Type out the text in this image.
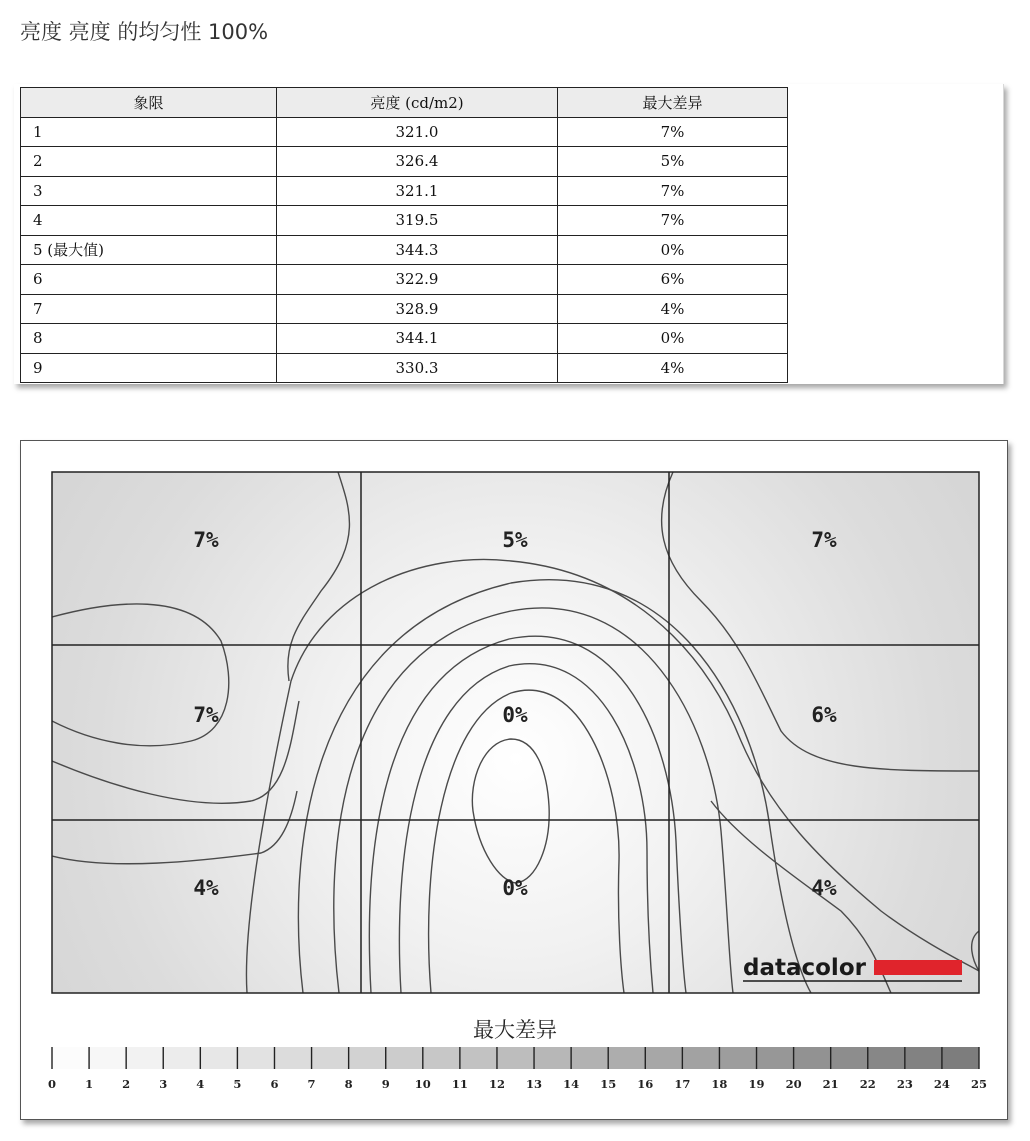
亮度 亮度 的均匀性 100%
象限	亮度 (cd/m2)	最大差异
1	321.0	7%
2	326.4	5%
3	321.1	7%
4	319.5	7%
5 (最大值)	344.3	0%
6	322.9	6%
7	328.9	4%
8	344.1	0%
9	330.3	4%
7%	5%	7%
7%	0%	6%
4%	0%	4%
datacolor
最大差异
0	1	2	3	4	5	6	7	8	9 10 11 12 13 14 15 16 17 18 19 20 21 22 23 24 25
